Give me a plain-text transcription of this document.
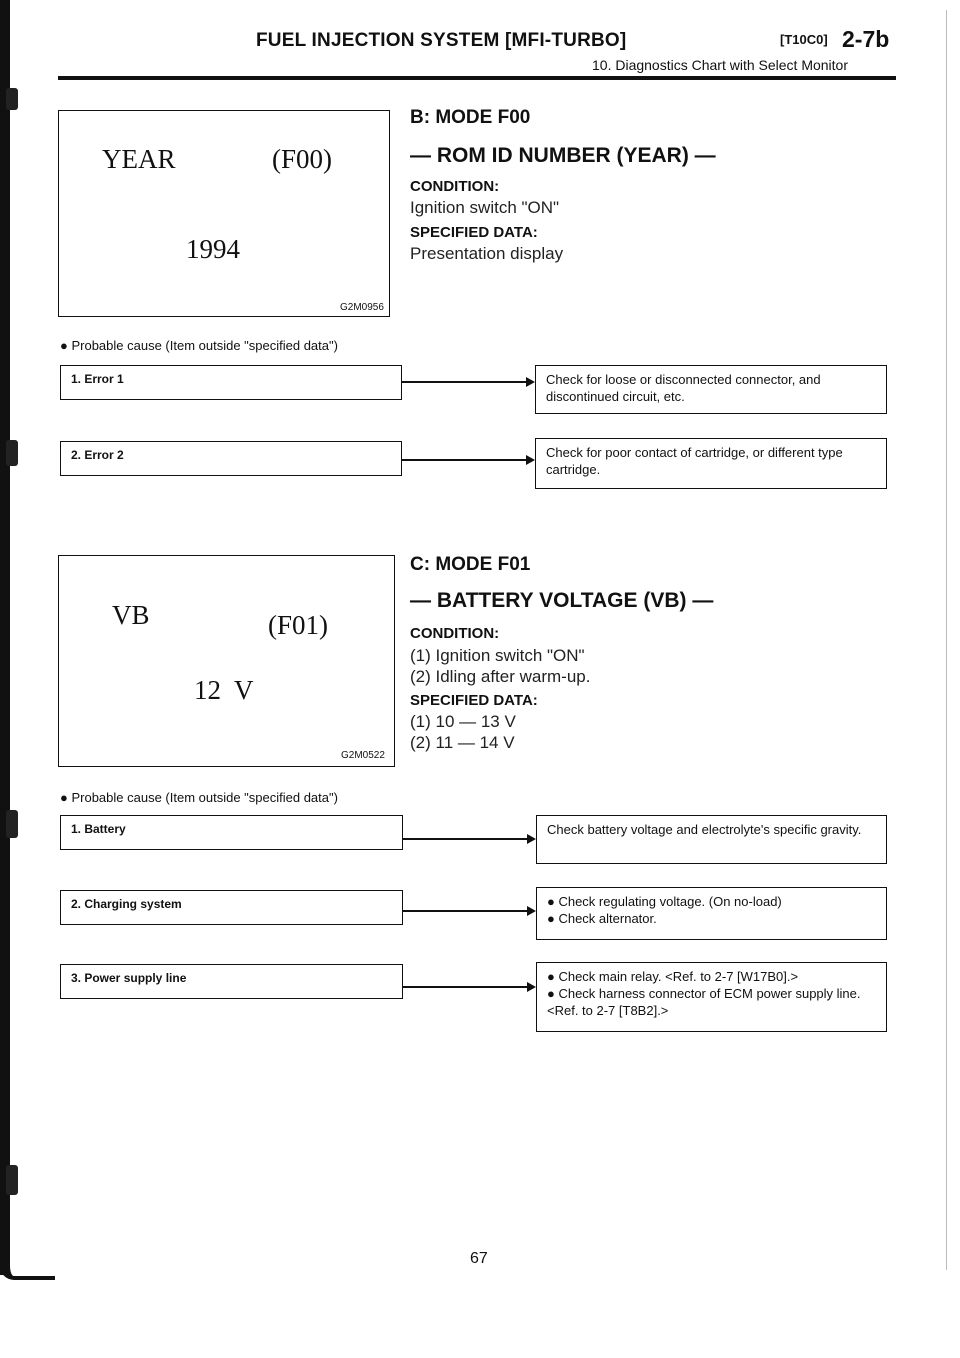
FUEL INJECTION SYSTEM [MFI-TURBO]	[T10C0] 2-7b
10. Diagnostics Chart with Select Monitor
YEAR	(F00)
1994
G2M0956
B: MODE F00
— ROM ID NUMBER (YEAR) —
CONDITION:
Ignition switch "ON"
SPECIFIED DATA:
Presentation display
● Probable cause (Item outside "specified data")
1. Error 1	Check for loose or disconnected connector, and discontinued circuit, etc.
2. Error 2	Check for poor contact of cartridge, or different type cartridge.
VB	(F01)
12  V
G2M0522
C: MODE F01
— BATTERY VOLTAGE (VB) —
CONDITION:
(1) Ignition switch "ON"
(2) Idling after warm-up.
SPECIFIED DATA:
(1) 10 — 13 V
(2) 11 — 14 V
● Probable cause (Item outside "specified data")
1. Battery	Check battery voltage and electrolyte's specific gravity.
2. Charging system	● Check regulating voltage. (On no-load)
● Check alternator.
3. Power supply line	● Check main relay. <Ref. to 2-7 [W17B0].>
● Check harness connector of ECM power supply line. <Ref. to 2-7 [T8B2].>
67
